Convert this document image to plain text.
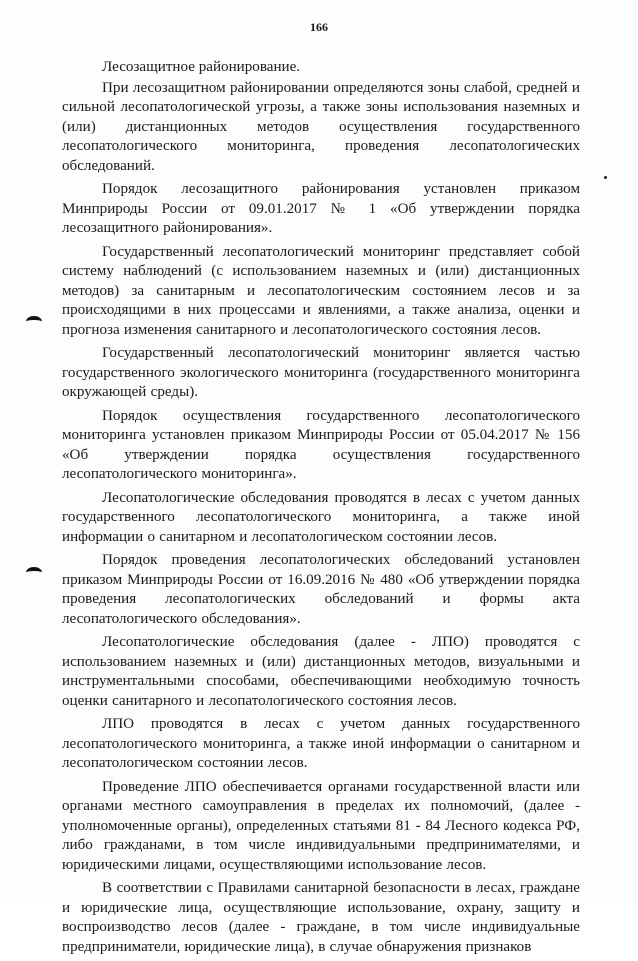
166

Лесозащитное районирование.

При лесозащитном районировании определяются зоны слабой, средней и сильной лесопатологической угрозы, а также зоны использования наземных и (или) дистанционных методов осуществления государственного лесопатологического мониторинга, проведения лесопатологических обследований.

Порядок лесозащитного районирования установлен приказом Минприроды России от 09.01.2017 № 1 «Об утверждении порядка лесозащитного районирования».

Государственный лесопатологический мониторинг представляет собой систему наблюдений (с использованием наземных и (или) дистанционных методов) за санитарным и лесопатологическим состоянием лесов и за происходящими в них процессами и явлениями, а также анализа, оценки и прогноза изменения санитарного и лесопатологического состояния лесов.

Государственный лесопатологический мониторинг является частью государственного экологического мониторинга (государственного мониторинга окружающей среды).

Порядок осуществления государственного лесопатологического мониторинга установлен приказом Минприроды России от 05.04.2017 № 156 «Об утверждении порядка осуществления государственного лесопатологического мониторинга».

Лесопатологические обследования проводятся в лесах с учетом данных государственного лесопатологического мониторинга, а также иной информации о санитарном и лесопатологическом состоянии лесов.

Порядок проведения лесопатологических обследований установлен приказом Минприроды России от 16.09.2016 № 480 «Об утверждении порядка проведения лесопатологических обследований и формы акта лесопатологического обследования».

Лесопатологические обследования (далее - ЛПО) проводятся с использованием наземных и (или) дистанционных методов, визуальными и инструментальными способами, обеспечивающими необходимую точность оценки санитарного и лесопатологического состояния лесов.

ЛПО проводятся в лесах с учетом данных государственного лесопатологического мониторинга, а также иной информации о санитарном и лесопатологическом состоянии лесов.

Проведение ЛПО обеспечивается органами государственной власти или органами местного самоуправления в пределах их полномочий, (далее - уполномоченные органы), определенных статьями 81 - 84 Лесного кодекса РФ, либо гражданами, в том числе индивидуальными предпринимателями, и юридическими лицами, осуществляющими использование лесов.

В соответствии с Правилами санитарной безопасности в лесах, граждане и юридические лица, осуществляющие использование, охрану, защиту и воспроизводство лесов (далее - граждане, в том числе индивидуальные предприниматели, юридические лица), в случае обнаружения признаков
